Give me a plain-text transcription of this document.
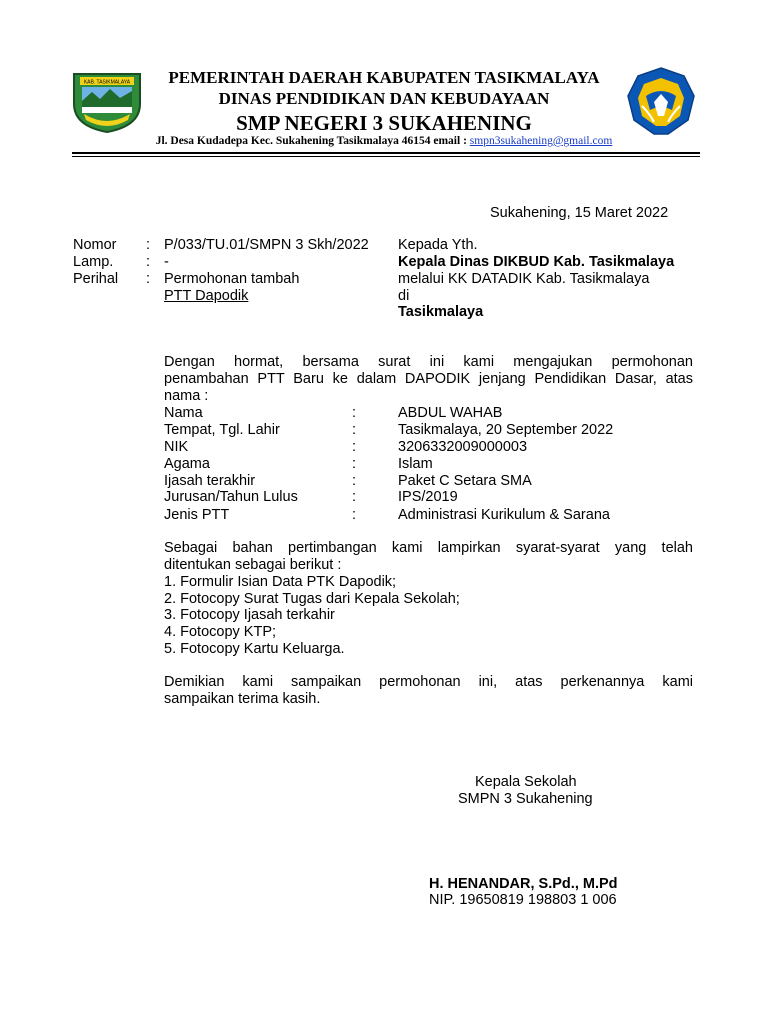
KAB. TASIKMALAYA	PEMERINTAH DAERAH KABUPATEN TASIKMALAYA
DINAS PENDIDIKAN DAN KEBUDAYAAN
SMP NEGERI 3 SUKAHENING
Jl. Desa Kudadepa Kec. Sukahening Tasikmalaya 46154 email : smpn3sukahening@gmail.com
Sukahening, 15 Maret 2022
Nomor : P/033/TU.01/SMPN 3 Skh/2022
Lamp. : -
Perihal : Permohonan tambah
PTT Dapodik
Kepada Yth.
Kepala Dinas DIKBUD Kab. Tasikmalaya
melalui KK DATADIK Kab. Tasikmalaya
di
Tasikmalaya
Dengan hormat, bersama surat ini kami mengajukan permohonan
penambahan PTT Baru ke dalam DAPODIK jenjang Pendidikan Dasar, atas
nama :
Nama	:	ABDUL WAHAB
Tempat, Tgl. Lahir	:	Tasikmalaya, 20 September 2022
NIK	:	3206332009000003
Agama	:	Islam
Ijasah terakhir	:	Paket C Setara SMA
Jurusan/Tahun Lulus	:	IPS/2019
Jenis PTT	:	Administrasi Kurikulum & Sarana
Sebagai bahan pertimbangan kami lampirkan syarat-syarat yang telah
ditentukan sebagai berikut :
1. Formulir Isian Data PTK Dapodik;
2. Fotocopy Surat Tugas dari Kepala Sekolah;
3. Fotocopy Ijasah terkahir
4. Fotocopy KTP;
5. Fotocopy Kartu Keluarga.
Demikian kami sampaikan permohonan ini, atas perkenannya kami
sampaikan terima kasih.
Kepala Sekolah
SMPN 3 Sukahening
H. HENANDAR, S.Pd., M.Pd
NIP. 19650819 198803 1 006
